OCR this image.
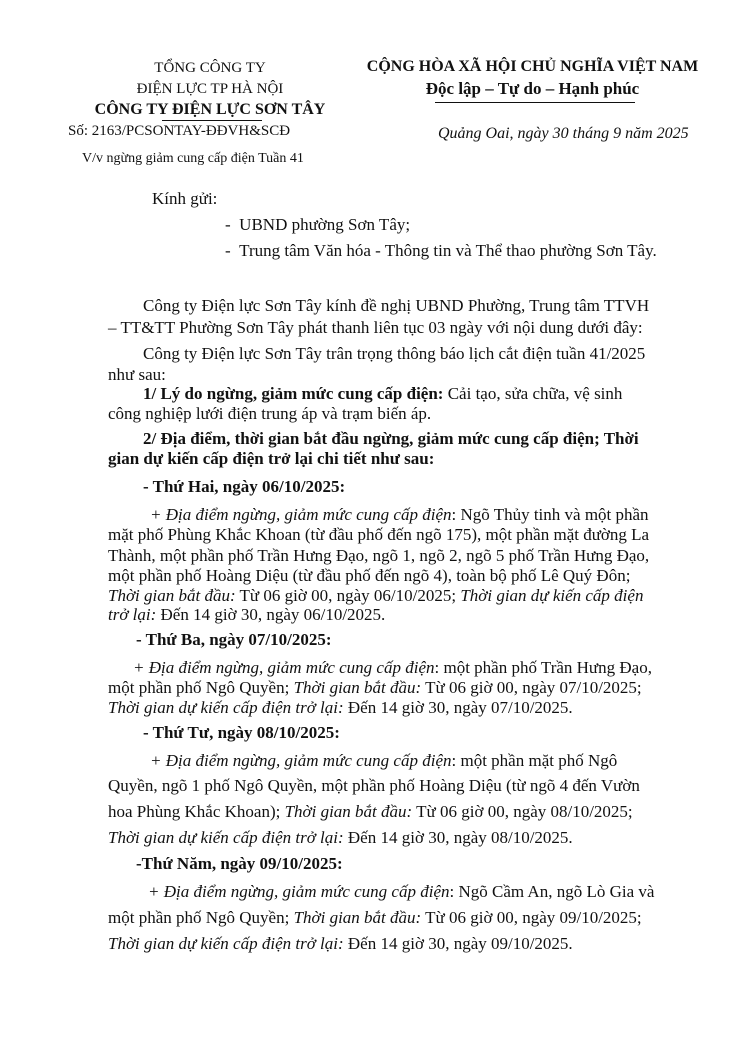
TỔNG CÔNG TY
ĐIỆN LỰC TP HÀ NỘI
CÔNG TY ĐIỆN LỰC SƠN TÂY
Số: 2163/PCSONTAY-ĐĐVH&SCĐ
V/v ngừng giảm cung cấp điện Tuần 41
CỘNG HÒA XÃ HỘI CHỦ NGHĨA VIỆT NAM
Độc lập – Tự do – Hạnh phúc
Quảng Oai, ngày 30 tháng 9 năm 2025
Kính gửi:
-  UBND phường Sơn Tây;
-  Trung tâm Văn hóa - Thông tin và Thể thao phường Sơn Tây.
Công ty Điện lực Sơn Tây kính đề nghị UBND Phường, Trung tâm TTVH
– TT&TT Phường Sơn Tây phát thanh liên tục 03 ngày với nội dung dưới đây:
Công ty Điện lực Sơn Tây trân trọng thông báo lịch cắt điện tuần 41/2025
như sau:
1/ Lý do ngừng, giảm mức cung cấp điện: Cải tạo, sửa chữa, vệ sinh
công nghiệp lưới điện trung áp và trạm biến áp.
2/ Địa điểm, thời gian bắt đầu ngừng, giảm mức cung cấp điện; Thời
gian dự kiến cấp điện trở lại chi tiết như sau:
- Thứ Hai, ngày 06/10/2025:
+ Địa điểm ngừng, giảm mức cung cấp điện: Ngõ Thủy tinh và một phần
mặt phố Phùng Khắc Khoan (từ đầu phố đến ngõ 175), một phần mặt đường La
Thành, một phần phố Trần Hưng Đạo, ngõ 1, ngõ 2, ngõ 5 phố Trần Hưng Đạo,
một phần phố Hoàng Diệu (từ đầu phố đến ngõ 4), toàn bộ phố Lê Quý Đôn;
Thời gian bắt đầu: Từ 06 giờ 00, ngày 06/10/2025; Thời gian dự kiến cấp điện
trở lại: Đến 14 giờ 30, ngày 06/10/2025.
- Thứ Ba, ngày 07/10/2025:
+ Địa điểm ngừng, giảm mức cung cấp điện: một phần phố Trần Hưng Đạo,
một phần phố Ngô Quyền; Thời gian bắt đầu: Từ 06 giờ 00, ngày 07/10/2025;
Thời gian dự kiến cấp điện trở lại: Đến 14 giờ 30, ngày 07/10/2025.
- Thứ Tư, ngày 08/10/2025:
+ Địa điểm ngừng, giảm mức cung cấp điện: một phần mặt phố Ngô
Quyền, ngõ 1 phố Ngô Quyền, một phần phố Hoàng Diệu (từ ngõ 4 đến Vườn
hoa Phùng Khắc Khoan); Thời gian bắt đầu: Từ 06 giờ 00, ngày 08/10/2025;
Thời gian dự kiến cấp điện trở lại: Đến 14 giờ 30, ngày 08/10/2025.
-Thứ Năm, ngày 09/10/2025:
+ Địa điểm ngừng, giảm mức cung cấp điện: Ngõ Cầm An, ngõ Lò Gia và
một phần phố Ngô Quyền; Thời gian bắt đầu: Từ 06 giờ 00, ngày 09/10/2025;
Thời gian dự kiến cấp điện trở lại: Đến 14 giờ 30, ngày 09/10/2025.
